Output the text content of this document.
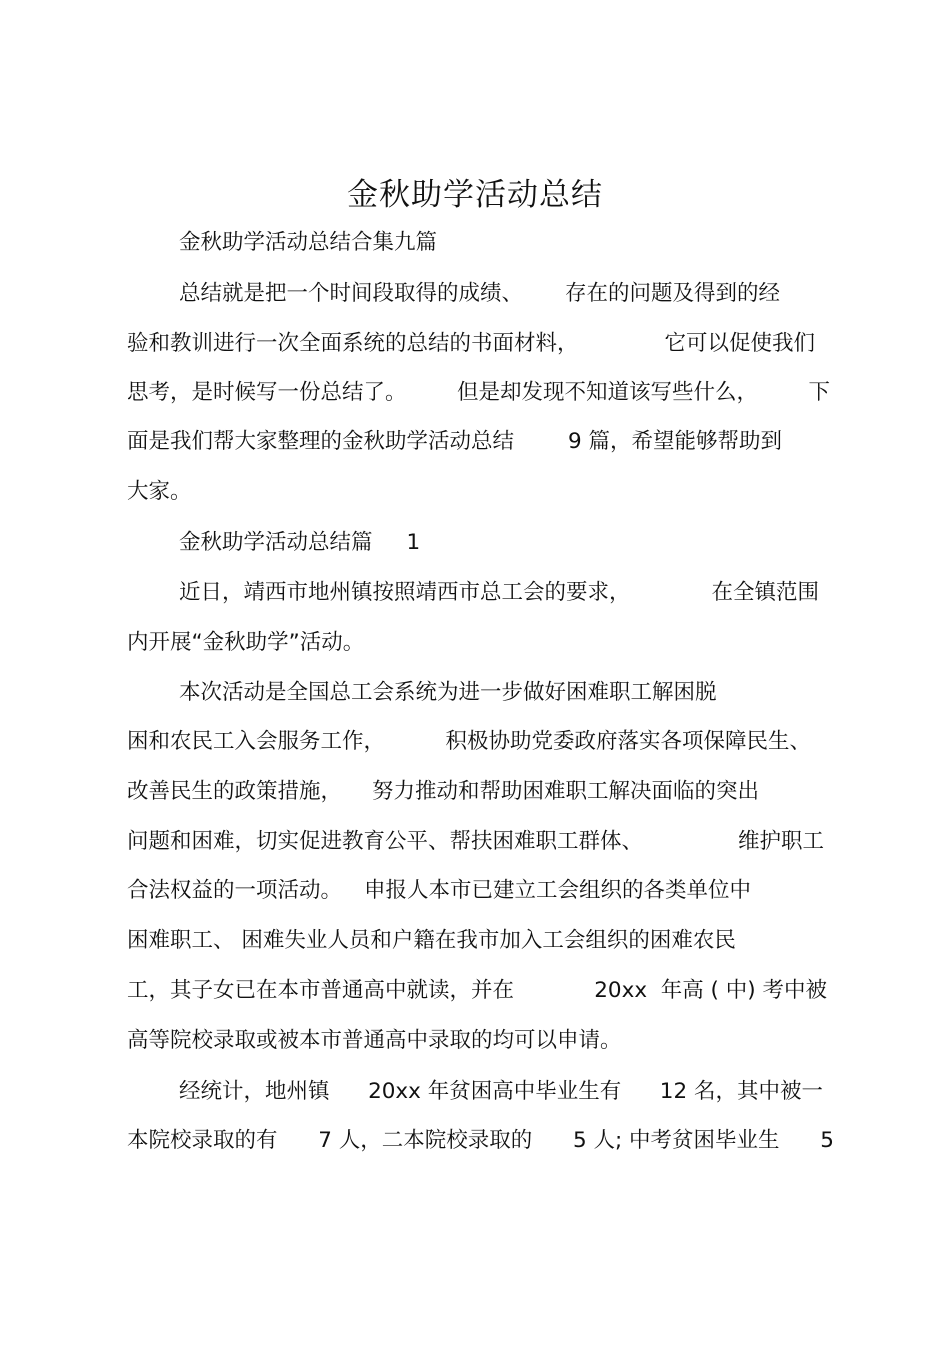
金秋助学活动总结
金秋助学活动总结合集九篇
总结就是把一个时间段取得的成绩、 存在的问题及得到的经
验和教训进行一次全面系统的总结的书面材料，	它可以促使我们
思考，是时候写一份总结了。 但是却发现不知道该写些什么， 下
面是我们帮大家整理的金秋助学活动总结	9 篇，希望能够帮助到
大家。
金秋助学活动总结篇 1
近日，靖西市地州镇按照靖西市总工会的要求，	在全镇范围
内开展“金秋助学”活动。
本次活动是全国总工会系统为进一步做好困难职工解困脱
困和农民工入会服务工作，	积极协助党委政府落实各项保障民生、
改善民生的政策措施， 努力推动和帮助困难职工解决面临的突出
问题和困难，切实促进教育公平、帮扶困难职工群体、	维护职工
合法权益的一项活动。 申报人本市已建立工会组织的各类单位中
困难职工、 困难失业人员和户籍在我市加入工会组织的困难农民
工，其子女已在本市普通高中就读，并在	20xx  年高 ( 中) 考中被
高等院校录取或被本市普通高中录取的均可以申请。
经统计，地州镇 20xx 年贫困高中毕业生有 12 名，其中被一
本院校录取的有 7 人，二本院校录取的 5 人; 中考贫困毕业生 5
